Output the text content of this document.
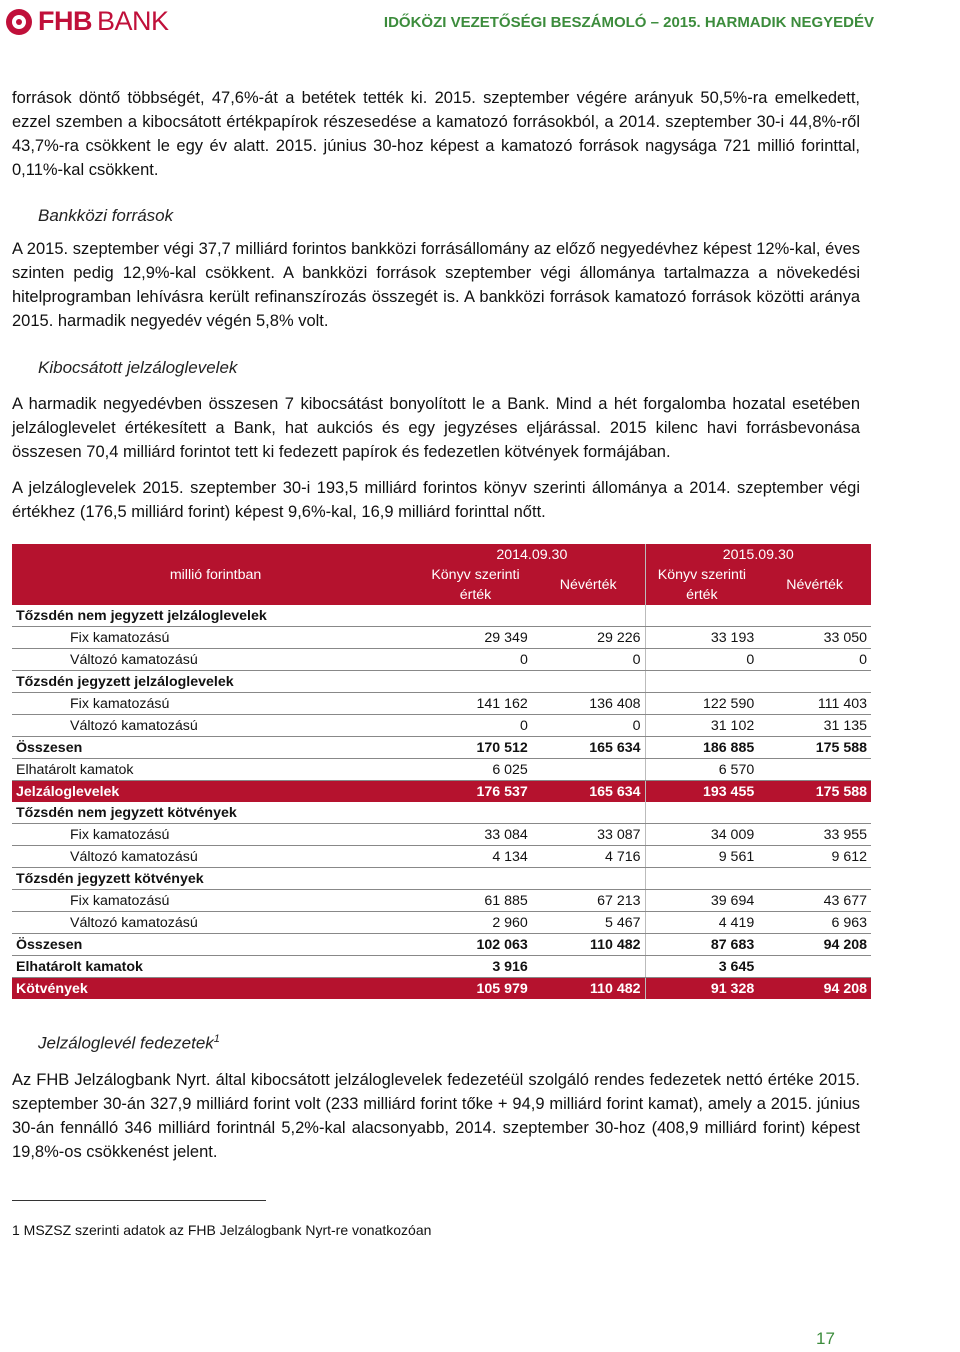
FHB BANK	IDŐKÖZI VEZETŐSÉGI BESZÁMOLÓ – 2015. HARMADIK NEGYEDÉV
források döntő többségét, 47,6%-át a betétek tették ki. 2015. szeptember végére arányuk 50,5%-ra emelkedett, ezzel szemben a kibocsátott értékpapírok részesedése a kamatozó forrásokból, a 2014. szeptember 30-i 44,8%-ről 43,7%-ra csökkent le egy év alatt. 2015. június 30-hoz képest a kamatozó források nagysága 721 millió forinttal, 0,11%-kal csökkent.
Bankközi források
A 2015. szeptember végi 37,7 milliárd forintos bankközi forrásállomány az előző negyedévhez képest 12%-kal, éves szinten pedig 12,9%-kal csökkent. A bankközi források szeptember végi állománya tartalmazza a növekedési hitelprogramban lehívásra került refinanszírozás összegét is. A bankközi források kamatozó források közötti aránya 2015. harmadik negyedév végén 5,8% volt.
Kibocsátott jelzáloglevelek
A harmadik negyedévben összesen 7 kibocsátást bonyolított le a Bank. Mind a hét forgalomba hozatal esetében jelzáloglevelet értékesített a Bank, hat aukciós és egy jegyzéses eljárással. 2015 kilenc havi forrásbevonása összesen 70,4 milliárd forintot tett ki fedezett papírok és fedezetlen kötvények formájában.
A jelzáloglevelek 2015. szeptember 30-i 193,5 milliárd forintos könyv szerinti állománya a 2014. szeptember végi értékhez (176,5 milliárd forint) képest 9,6%-kal, 16,9 milliárd forinttal nőtt.
millió forintban	2014.09.30		2015.09.30	
	Könyv szerinti érték	Névérték	Könyv szerinti érték	Névérték

Tőzsdén nem jegyzett jelzáloglevelek				
Fix kamatozású	29 349	29 226	33 193	33 050
Változó kamatozású	0	0	0	0
Tőzsdén jegyzett jelzáloglevelek				
Fix kamatozású	141 162	136 408	122 590	111 403
Változó kamatozású	0	0	31 102	31 135
Összesen	170 512	165 634	186 885	175 588
Elhatárolt kamatok	6 025		6 570	
Jelzáloglevelek	176 537	165 634	193 455	175 588
Tőzsdén nem jegyzett kötvények				
Fix kamatozású	33 084	33 087	34 009	33 955
Változó kamatozású	4 134	4 716	9 561	9 612
Tőzsdén jegyzett kötvények				
Fix kamatozású	61 885	67 213	39 694	43 677
Változó kamatozású	2 960	5 467	4 419	6 963
Összesen	102 063	110 482	87 683	94 208
Elhatárolt kamatok	3 916		3 645	
Kötvények	105 979	110 482	91 328	94 208
Jelzáloglevél fedezetek$^1$
Az FHB Jelzálogbank Nyrt. által kibocsátott jelzáloglevelek fedezetéül szolgáló rendes fedezetek nettó értéke 2015. szeptember 30-án 327,9 milliárd forint volt (233 milliárd forint tőke + 94,9 milliárd forint kamat), amely a 2015. június 30-án fennálló 346 milliárd forintnál 5,2%-kal alacsonyabb, 2014. szeptember 30-hoz (408,9 milliárd forint) képest 19,8%-os csökkenést jelent.
1 MSZSZ szerinti adatok az FHB Jelzálogbank Nyrt-re vonatkozóan
17
